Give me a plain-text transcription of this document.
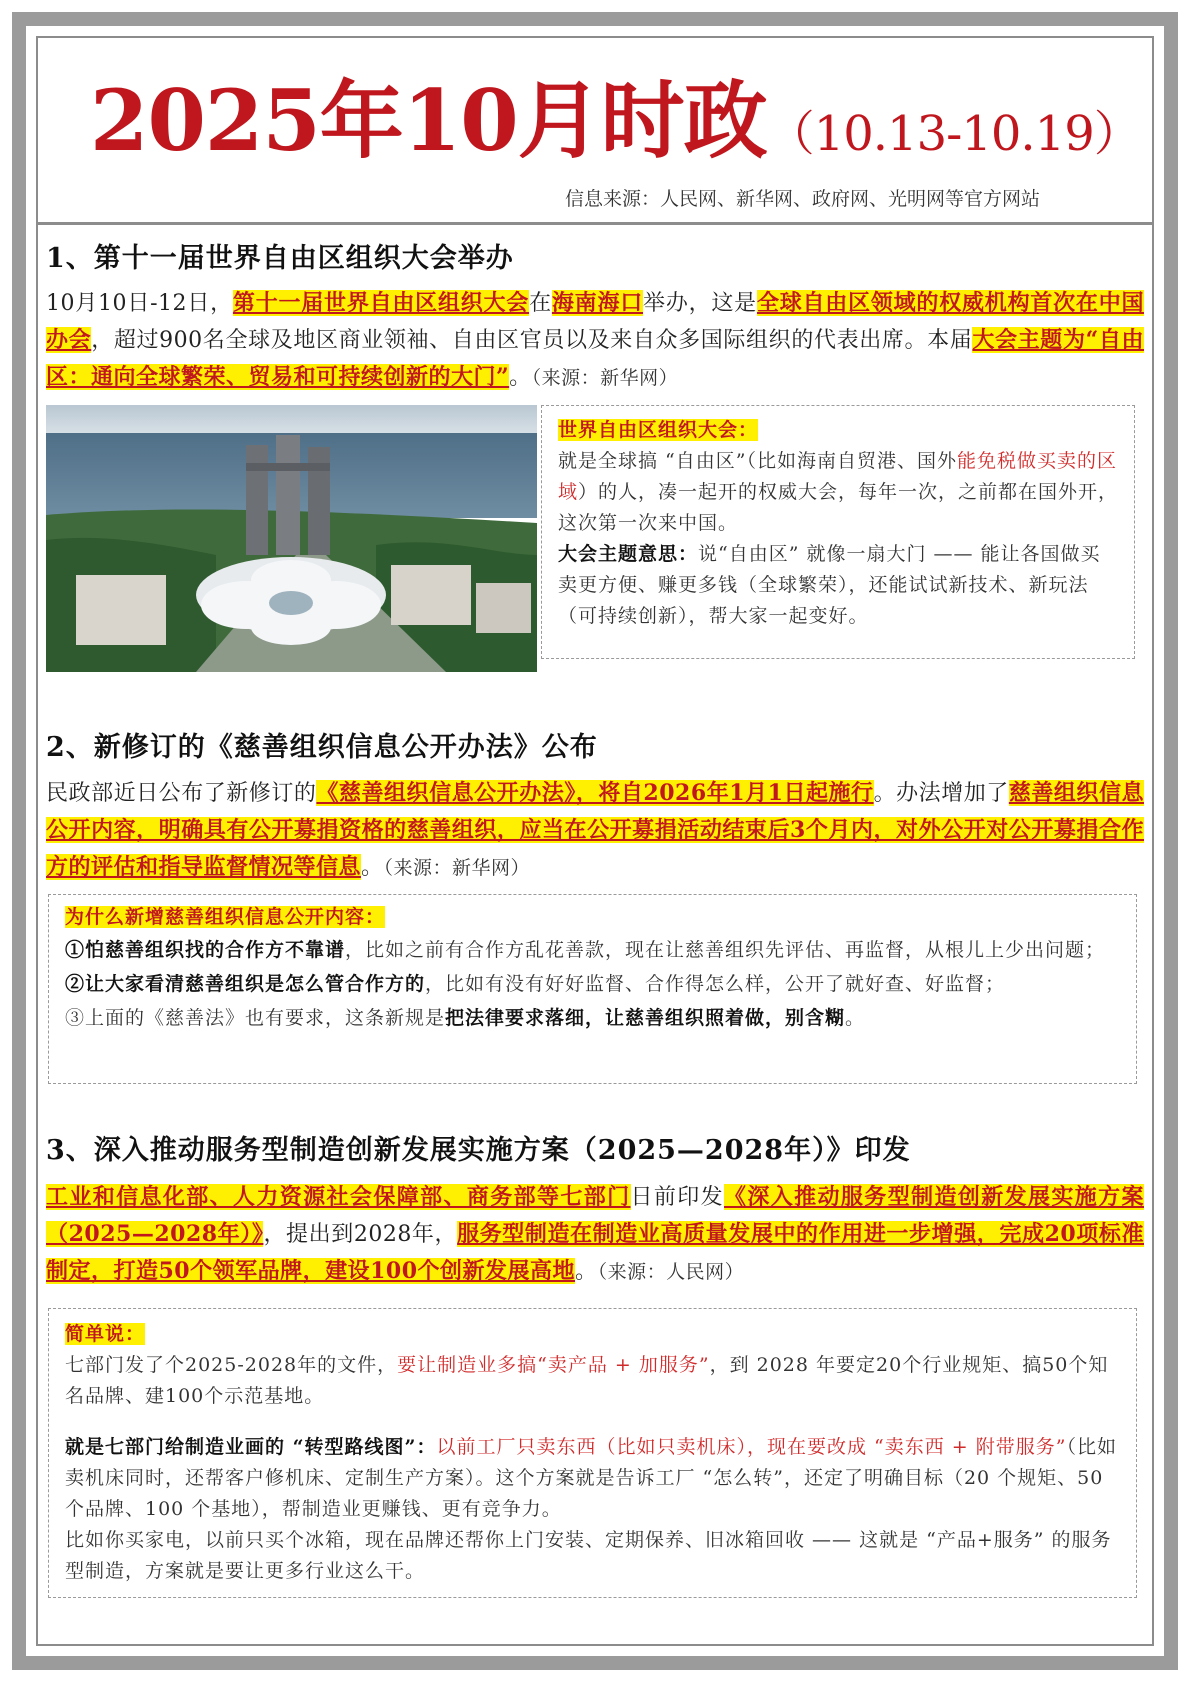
2025年10月时政（10.13-10.19）
信息来源：人民网、新华网、政府网、光明网等官方网站
1、第十一届世界自由区组织大会举办
10月10日-12日，第十一届世界自由区组织大会在海南海口举办，这是全球自由区领域的权威机构首次在中国办会，超过900名全球及地区商业领袖、自由区官员以及来自众多国际组织的代表出席。本届大会主题为“自由区：通向全球繁荣、贸易和可持续创新的大门”。（来源：新华网）
世界自由区组织大会：
就是全球搞 “自由区”（比如海南自贸港、国外能免税做买卖的区域）的人，凑一起开的权威大会，每年一次，之前都在国外开，这次第一次来中国。
大会主题意思：说“自由区” 就像一扇大门 —— 能让各国做买卖更方便、赚更多钱（全球繁荣），还能试试新技术、新玩法（可持续创新），帮大家一起变好。
2、新修订的《慈善组织信息公开办法》公布
民政部近日公布了新修订的《慈善组织信息公开办法》，将自2026年1月1日起施行。办法增加了慈善组织信息公开内容，明确具有公开募捐资格的慈善组织，应当在公开募捐活动结束后3个月内，对外公开对公开募捐合作方的评估和指导监督情况等信息。（来源：新华网）
为什么新增慈善组织信息公开内容：
①怕慈善组织找的合作方不靠谱，比如之前有合作方乱花善款，现在让慈善组织先评估、再监督，从根儿上少出问题；
②让大家看清慈善组织是怎么管合作方的，比如有没有好好监督、合作得怎么样，公开了就好查、好监督；
③上面的《慈善法》也有要求，这条新规是把法律要求落细，让慈善组织照着做，别含糊。
3、深入推动服务型制造创新发展实施方案（2025—2028年）》印发
工业和信息化部、人力资源社会保障部、商务部等七部门日前印发《深入推动服务型制造创新发展实施方案（2025—2028年）》，提出到2028年，服务型制造在制造业高质量发展中的作用进一步增强，完成20项标准制定，打造50个领军品牌，建设100个创新发展高地。（来源：人民网）
简单说：
七部门发了个2025-2028年的文件，要让制造业多搞“卖产品 + 加服务”，到 2028 年要定20个行业规矩、搞50个知名品牌、建100个示范基地。
就是七部门给制造业画的 “转型路线图”：以前工厂只卖东西（比如只卖机床），现在要改成 “卖东西 + 附带服务”（比如卖机床同时，还帮客户修机床、定制生产方案）。这个方案就是告诉工厂 “怎么转”，还定了明确目标（20 个规矩、50 个品牌、100 个基地），帮制造业更赚钱、更有竞争力。
比如你买家电，以前只买个冰箱，现在品牌还帮你上门安装、定期保养、旧冰箱回收 —— 这就是 “产品+服务” 的服务型制造，方案就是要让更多行业这么干。
